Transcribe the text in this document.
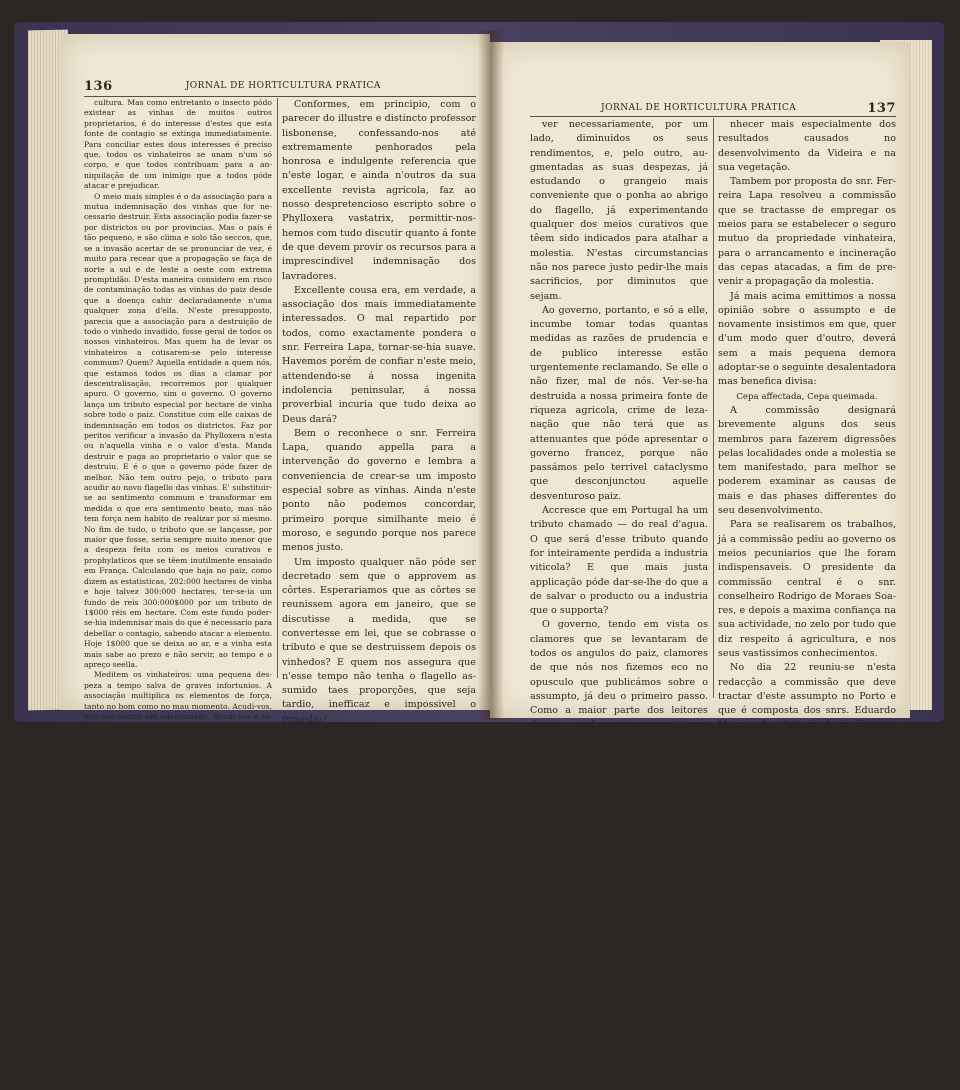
136	JORNAL DE HORTICULTURA PRATICA

cultura. Mas como entretanto o insecto pódo existear as vinhas de muitos outros proprietarios, é do interesse d'estes que esta fonte de contagio se extinga immediatamente. Para conciliar estes dous interesses é preciso que, todos os vinhateiros se unam n'um só corpo, e que todos contribuam para a anniquilação de um inimigo que a todos póde atacar e prejudicar.

O meio mais simples é o da associação para a mutua indemnisação dos vinhas que for necessario destruir. Esta associação podia fazer-se por districtos ou por provincias. Mas o país é tão pequeno, e são clima e solo tão seccos, que, se a invasão acertar de se pronunciar de vez, é muito para recear que a propagação se faça de norte a sul e de leste a oeste com extrema promptidão. D'esta maneira considero em risco de contaminação todas as vinhas do paiz desde que a doença cahir declaradamente n'uma qualquer zona d'ella. N'este presupposto, parecia que a associação para a destruição de todo o vinhedo invadido, fosse geral de todos os nossos vinhateiros. Mas quem ha de levar os vinhateiros a cotisarem-se pelo interesse commum? Quem? Aquella entidade a quem nós, que estamos todos os dias a clamar por descentralisação, recorremos por qualquer apuro. O governo, sim o governo. O governo lança um tributo especial por hectare de vinha sobre todo o paiz. Constitue com elle caixas de indemnisação em todos os districtos. Faz por peritos verificar a invasão da Phylloxera n'esta ou n'aquella vinha e o valor d'esta. Manda destruir e paga ao proprietario o valor que se destruiu. E é o que o governo póde fazer de melhor. Não tem outro pejo, o tributo para acudir ao novo flagello das vinhas. E' substituir-se ao sentimento commum e transformar em medida o que era sentimento beato, mas não tem força nem habito de realizar por si mesmo. No fim de tudo, o tributo que se lançasse, por maior que fosse, seria sempre muito menor que a despeza feita com os meios curativos e prophylaticos que se têem inutilmente ensaiado em França. Calculando que haja no paiz, como dizem as estatisticas, 202:000 hectares de vinha e hoje talvez 300:000 hectares, ter-se-ia um fundo de reis 300:000$000 por um tributo de 1$000 réis em hectare. Com este fundo poder-se-hia indemnisar mais do que é necessario para debellar o contagio, sabendo atacar a elemento. Hoje 1$000 que se deixa ao ar, e a vinha esta mais sabe ao prezo e não servir, ao tempo e o apreço seella.

Meditem os vinhateiros: uma pequena despeza a tempo salva de graves infortunios. A associação multiplica os elementos de força, tanto no bom como no mau momento. Acudi-vos, uns aos outros em adversidade. Acudi-vos a todos, se não fizerem mal que vos entre em casa. O mal que se reparte por muitos quasi não é mal para ninguem. Mas o que se deixa ao acaso, será a ruina de todos. O governo diz que vos considera todos os seus semelhantes, e está prompto a auxiliar o agricultor. O desejo não falta ao certo, e o que se pede pouca custa, o auxilio é pequeno comparado ao mal que se evita se for mal acolhida e infelizmente vae pelo. Feitos com o pezo d'el-rei, não hei de ser eu que contrarie, que se aconselhe um remedio com maior espereza de victoria. Apparecem certos remedios. Mas sabe-se que é nas maiores afflicções que mais se perde o ânimo e a confiança nos meios que a sciencia indica para encontrar uma receita de qualquer ingrediente insecticida ou dos mais applicados. Eu poderia apresentar aqui uma duzia pelo menos de remedios, nos aconselhados, outros experimentados com mais ou menos fortuna, mas sem fidelidade de successo em todos os casos.

Conformes, em principio, com o parecer do illustre e distincto professor lisbonense, confessando-nos até extremamente penhorados pela honrosa e indulgente referencia que n'este logar, e ainda n'outros da sua excellente revista agricola, faz ao nosso despretencioso escripto sobre o Phylloxera vastatrix, permittir-nos-hemos com tudo discutir quanto á fonte de que devem provir os recursos para a imprescindivel indemnisação dos lavradores.

Excellente cousa era, em verdade, a associação dos mais immediatamente interessados. O mal repartido por todos, como exactamente pondera o snr. Ferreira Lapa, tornar-se-hia suave. Havemos porém de confiar n'este meio, attendendo-se á nossa ingenita indolencia peninsular, á nossa proverbial incuria que tudo deixa ao Deus dará?

Bem o reconhece o snr. Ferreira Lapa, quando appella para a intervenção do governo e lembra a conveniencia de crear-se um imposto especial sobre as vinhas. Ainda n'este ponto não podemos concordar, primeiro porque similhante meio é moroso, e segundo porque nos parece menos justo.

Um imposto qualquer não póde ser decretado sem que o approvem as côrtes. Esperariamos que as côrtes se reunissem agora em janeiro, que se discutisse a medida, que se convertesse em lei, que se cobrasse o tributo e que se destruissem depois os vinhedos? E quem nos assegura que n'esse tempo não tenha o flagello assumido taes proporções, que seja tardio, inefficaz e impossivel o remedio?

Porque importa não perder de vista que nós não pretendemos o absurdo. Se aconselhamos a destruição dos focos de contagião pela queima das cepas infectadas, é agora, no principio, em quanto o mal está limitado. Em o flagello chegando a generalisar-se não achamos possibilidade nem seguer utilidade em applicar-se este extremo e doloroso recurso.

Depois, vindo á questão de equidade, quando o viticultor se vê luctando com uma terrivel calamidade, pede a justiça melhor distributiva, determinam-no até as leis do paiz, que lhe sejam alliviados os encargos com que contribue para as despezas geraes do estado. O lavrador viticola ha de

JORNAL DE HORTICULTURA PRATICA	137

ver necessariamente, por um lado, diminuidos os seus rendimentos, e, pelo outro, augmentadas as suas despezas, já estudando o grangeio mais conveniente que o ponha ao abrigo do flagello, já experimentando qualquer dos meios curativos que têem sido indicados para atalhar a molestia. N'estas circumstancias não nos parece justo pedir-lhe mais sacrificios, por diminutos que sejam.

Ao governo, portanto, e só a elle, incumbe tomar todas quantas medidas as razões de prudencia e de publico interesse estão urgentemente reclamando. Se elle o não fizer, mal de nós. Ver-se-ha destruida a nossa primeira fonte de riqueza agricola, crime de leza-nação que não terá que as attenuantes que póde apresentar o governo francez, porque não passámos pelo terrivel cataclysmo que desconjunctou aquelle desventuroso paiz.

Accresce que em Portugal ha um tributo chamado — do real d'agua. O que será d'esse tributo quando for inteiramente perdida a industria viticola? E que mais justa applicação póde dar-se-lhe do que a de salvar o producto ou a industria que o supporta?

O governo, tendo em vista os clamores que se levantaram de todos os angulos do paiz, clamores de que nós nos fizemos eco no opusculo que publicámos sobre o assumpto, já deu o primeiro passo. Como a maior parte dos leitores devem saber, nomeou uma commissão para estudar a nova molestia, e no dia 18 do mez findo verificou-se a primeira reunião.

Discutiu-se qual seria a organisação mais conveniente a dar á commissão e a direcção mais accommodada que deveriam ter os seus trabalhos para se conseguir os fins que se tinham em vista, e por proposta do snr. Ferreira Lapa resolveu-se organisar tres centros de estudos, a saber:

1.º—Delegação de estudos entomológicos na cidade de Coimbra. Será composta do snr. visconde de Villa Maior e dos membros aggregados da commissão que estiverem n'aquella cidade.

2.º—Delegação de estudos locaes e de applicação de meios que possam combater a molestia nos pontos em que ella se manifestar com mais violencia.

3.º—Delegação que terá por fim co-

nhecer mais especialmente dos resultados causados no desenvolvimento da Videira e na sua vegetação.

Tambem por proposta do snr. Ferreira Lapa resolveu a commissão que se tractasse de empregar os meios para se estabelecer o seguro mutuo da propriedade vinhateira, para o arrancamento e incineração das cepas atacadas, a fim de prevenir a propagação da molestia.

Já mais acima emittimos a nossa opinião sobre o assumpto e de novamente insistimos em que, quer d'um modo quer d'outro, deverá sem a mais pequena demora adoptar-se o seguinte desalentadora mas benefica divisa:

Cepa affectada, Cepa queimada.

A commissão designará brevemente alguns dos seus membros para fazerem digressões pelas localidades onde a molestia se tem manifestado, para melhor se poderem examinar as causas de mais e das phases differentes do seu desenvolvimento.

Para se realisarem os trabalhos, já a commissão pediu ao governo os meios pecuniarios que lhe foram indispensaveis. O presidente da commissão central é o snr. conselheiro Rodrigo de Moraes Soares, e depois a maxima confiança na sua actividade, no zelo por tudo que diz respeito á agricultura, e nos seus vastissimos conhecimentos.

No dia 22 reuniu-se n'esta redacção a commissão que deve tractar d'este assumpto no Porto e que é composta dos snrs. Eduardo Mozer, dr. Antonio Luiz Ferreira Girão, Augusto Luzo da Silva e da nossa humilde pessoa.

Todos fomos concordes em que o essencial era que a commissão enviasse alguns dos seus delegados aos locaes onde se desenvolve a molestia para fazerem os seus estudos e experiencias.

O presidente da commissão do Porto é o snr. dr. Antonio Luiz Ferreira Girão, cavalheiro altamente conhecido pelo seu profundo saber.

Ao mesmo tempo que o governo tractava de crear a commissão central a que acima nos referimos, pela direcção geral do commercio e industria era dirigido um officio ao governador civil de Villa Real,
